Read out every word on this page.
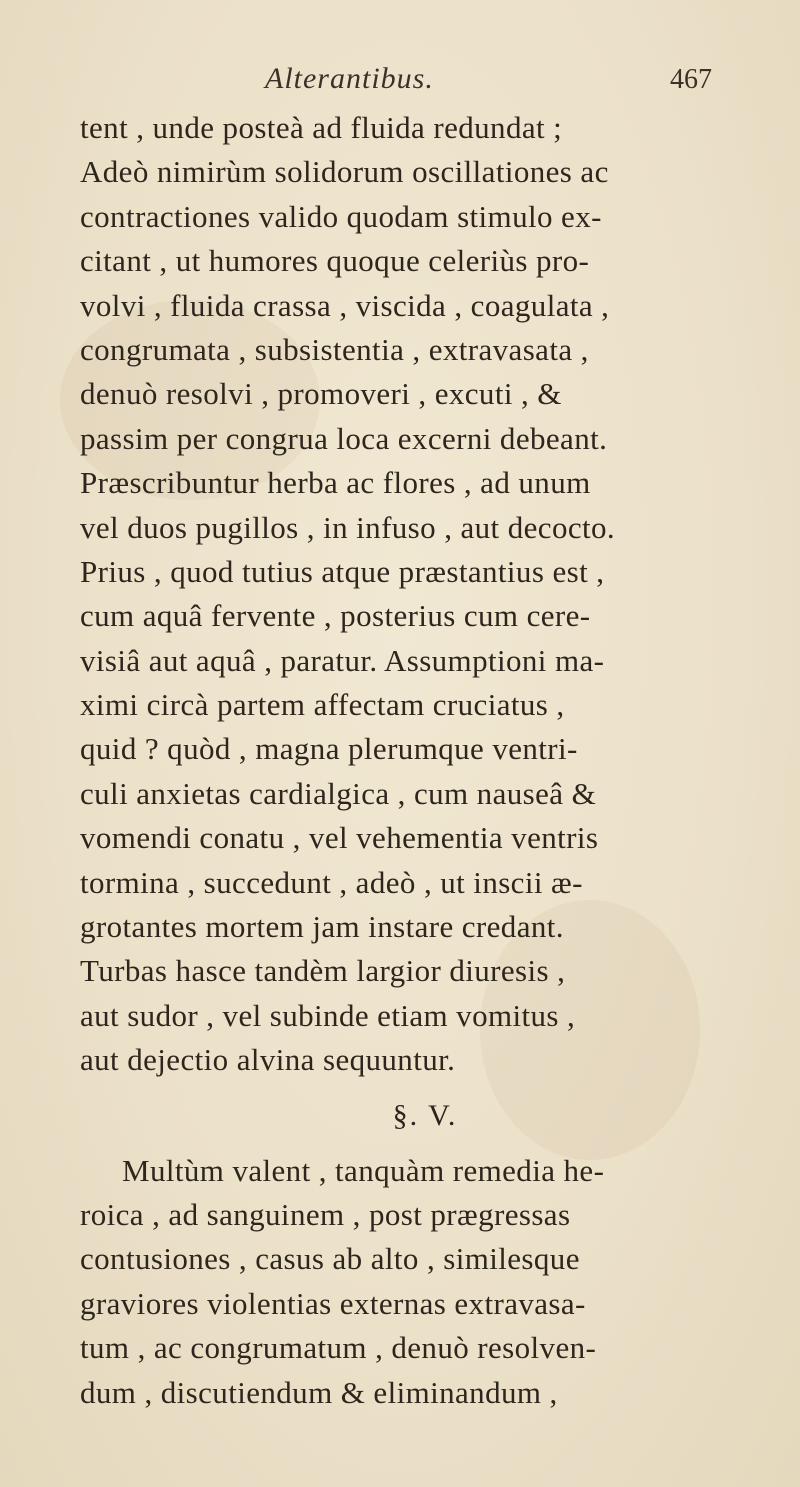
Alterantibus.	467
tent , unde posteà ad fluida redundat ;
Adeò nimirùm solidorum oscillationes ac
contractiones valido quodam stimulo ex-
citant , ut humores quoque celeriùs pro-
volvi , fluida crassa , viscida , coagulata ,
congrumata , subsistentia , extravasata ,
denuò resolvi , promoveri , excuti , &
passim per congrua loca excerni debeant.
Præscribuntur herba ac flores , ad unum
vel duos pugillos , in infuso , aut decocto.
Prius , quod tutius atque præstantius est ,
cum aquâ fervente , posterius cum cere-
visiâ aut aquâ , paratur. Assumptioni ma-
ximi circà partem affectam cruciatus ,
quid ? quòd , magna plerumque ventri-
culi anxietas cardialgica , cum nauseâ &
vomendi conatu , vel vehementia ventris
tormina , succedunt , adeò , ut inscii æ-
grotantes mortem jam instare credant.
Turbas hasce tandèm largior diuresis ,
aut sudor , vel subinde etiam vomitus ,
aut dejectio alvina sequuntur.
§. V.
Multùm valent , tanquàm remedia he-
roica , ad sanguinem , post prægressas
contusiones , casus ab alto , similesque
graviores violentias externas extravasa-
tum , ac congrumatum , denuò resolven-
dum , discutiendum & eliminandum ,
